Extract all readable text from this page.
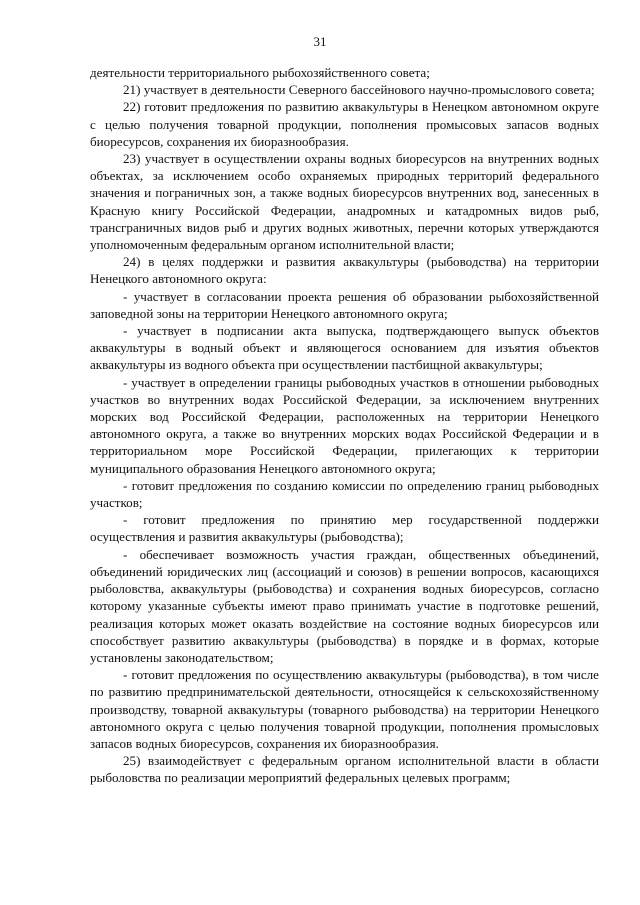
31

деятельности территориального рыбохозяйственного совета;

21) участвует в деятельности Северного бассейнового научно-промыслового совета;

22) готовит предложения по развитию аквакультуры в Ненецком автономном округе с целью получения товарной продукции, пополнения промысовых запасов водных биоресурсов, сохранения их биоразнообразия.

23) участвует в осуществлении охраны водных биоресурсов на внутренних водных объектах, за исключением особо охраняемых природных территорий федерального значения и пограничных зон, а также водных биоресурсов внутренних вод, занесенных в Красную книгу Российской Федерации, анадромных и катадромных видов рыб, трансграничных видов рыб и других водных животных, перечни которых утверждаются уполномоченным федеральным органом исполнительной власти;

24) в целях поддержки и развития аквакультуры (рыбоводства) на территории Ненецкого автономного округа:

- участвует в согласовании проекта решения об образовании рыбохозяйственной заповедной зоны на территории Ненецкого автономного округа;

- участвует в подписании акта выпуска, подтверждающего выпуск объектов аквакультуры в водный объект и являющегося основанием для изъятия объектов аквакультуры из водного объекта при осуществлении пастбищной аквакультуры;

- участвует в определении границы рыбоводных участков в отношении рыбоводных участков во внутренних водах Российской Федерации, за исключением внутренних морских вод Российской Федерации, расположенных на территории Ненецкого автономного округа, а также во внутренних морских водах Российской Федерации и в территориальном море Российской Федерации, прилегающих к территории муниципального образования Ненецкого автономного округа;

- готовит предложения по созданию комиссии по определению границ рыбоводных участков;

- готовит предложения по принятию мер государственной поддержки осуществления и развития аквакультуры (рыбоводства);

- обеспечивает возможность участия граждан, общественных объединений, объединений юридических лиц (ассоциаций и союзов) в решении вопросов, касающихся рыболовства, аквакультуры (рыбоводства) и сохранения водных биоресурсов, согласно которому указанные субъекты имеют право принимать участие в подготовке решений, реализация которых может оказать воздействие на состояние водных биоресурсов или способствует развитию аквакультуры (рыбоводства) в порядке и в формах, которые установлены законодательством;

- готовит предложения по осуществлению аквакультуры (рыбоводства), в том числе по развитию предпринимательской деятельности, относящейся к сельскохозяйственному производству, товарной аквакультуры (товарного рыбоводства) на территории Ненецкого автономного округа с целью получения товарной продукции, пополнения промысловых запасов водных биоресурсов, сохранения их биоразнообразия.

25) взаимодействует с федеральным органом исполнительной власти в области рыболовства по реализации мероприятий федеральных целевых программ;
